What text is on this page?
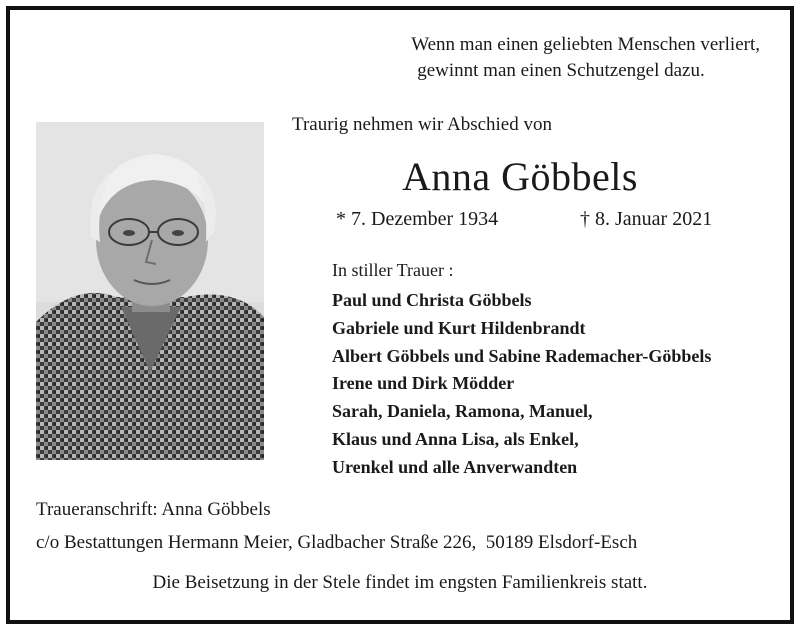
Wenn man einen geliebten Menschen verliert,
gewinnt man einen Schutzengel dazu.
Traurig nehmen wir Abschied von
Anna Göbbels
* 7. Dezember 1934	† 8. Januar 2021
In stiller Trauer :
Paul und Christa Göbbels
Gabriele und Kurt Hildenbrandt
Albert Göbbels und Sabine Rademacher-Göbbels
Irene und Dirk Mödder
Sarah, Daniela, Ramona, Manuel,
Klaus und Anna Lisa, als Enkel,
Urenkel und alle Anverwandten
Traueranschrift: Anna Göbbels
c/o Bestattungen Hermann Meier, Gladbacher Straße 226,  50189 Elsdorf-Esch
Die Beisetzung in der Stele findet im engsten Familienkreis statt.
